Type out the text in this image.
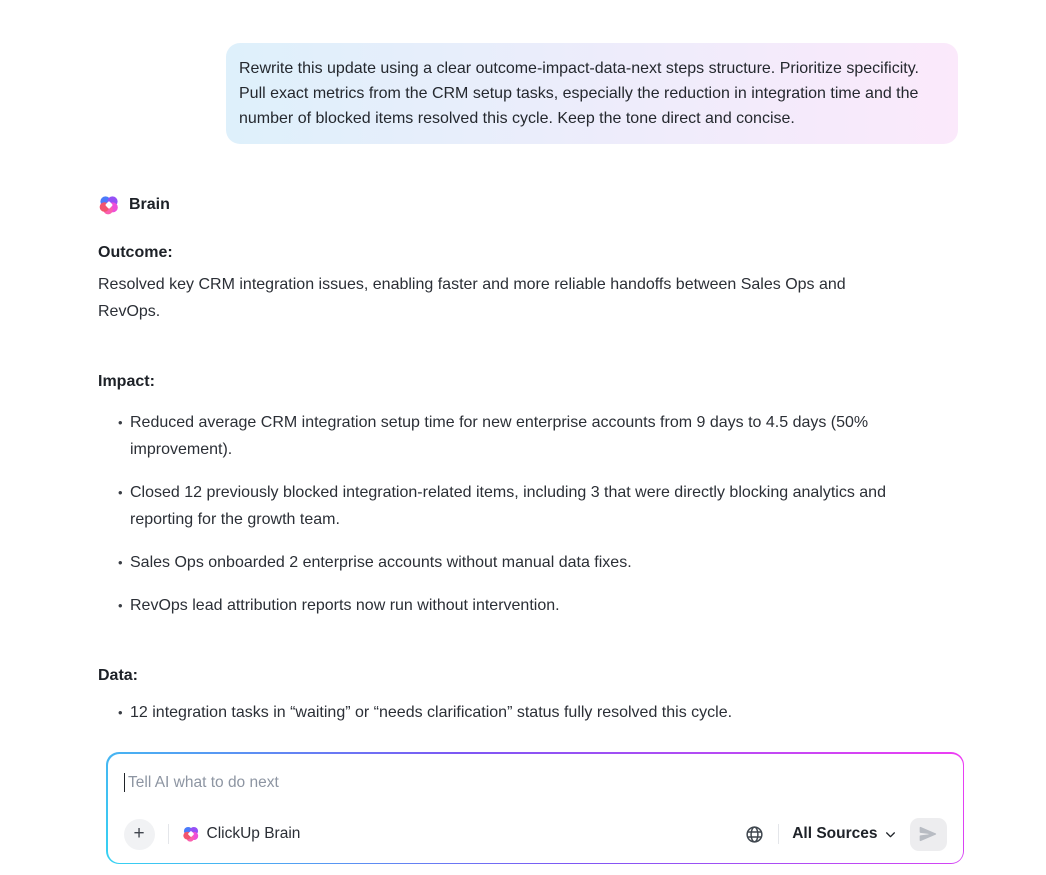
Rewrite this update using a clear outcome-impact-data-next steps structure. Prioritize specificity. Pull exact metrics from the CRM setup tasks, especially the reduction in integration time and the number of blocked items resolved this cycle. Keep the tone direct and concise.

Brain
Outcome:

Resolved key CRM integration issues, enabling faster and more reliable handoffs between Sales Ops and RevOps.

Impact:
• Reduced average CRM integration setup time for new enterprise accounts from 9 days to 4.5 days (50% improvement).
• Closed 12 previously blocked integration-related items, including 3 that were directly blocking analytics and reporting for the growth team.
• Sales Ops onboarded 2 enterprise accounts without manual data fixes.
• RevOps lead attribution reports now run without intervention.
Data:
• 12 integration tasks in “waiting” or “needs clarification” status fully resolved this cycle.
Tell AI what to do next
+	ClickUp Brain	All Sources
